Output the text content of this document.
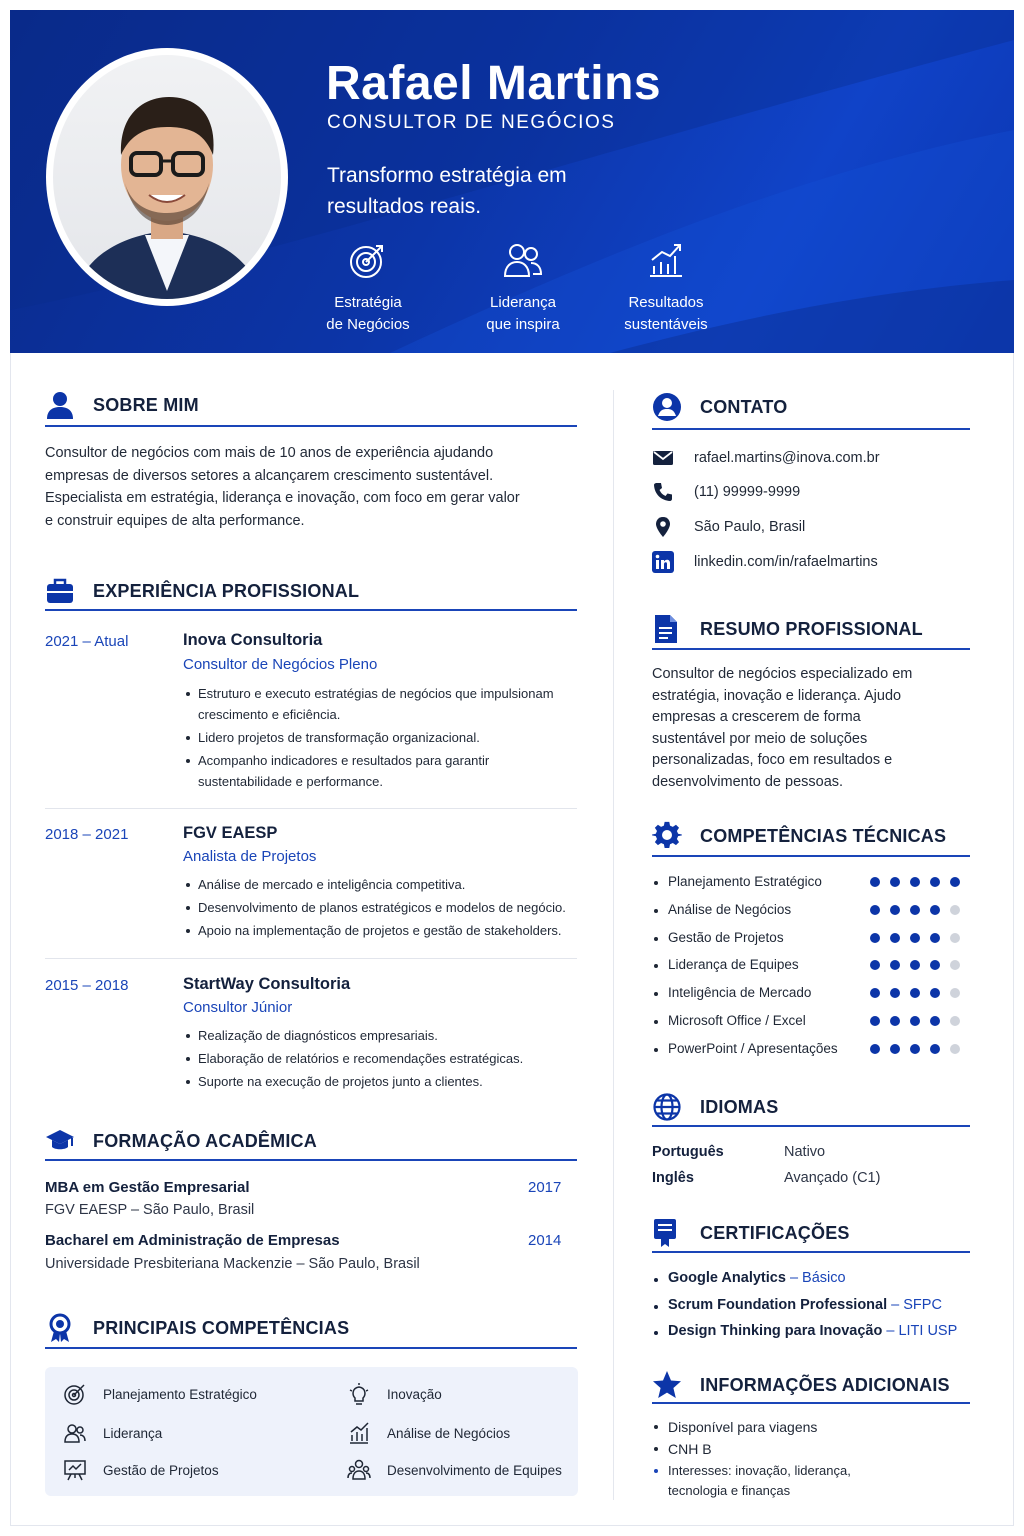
Rafael Martins
CONSULTOR DE NEGÓCIOS
Transformo estratégia em resultados reais.
Estratégia
de Negócios
Liderança
que inspira
Resultados
sustentáveis
SOBRE MIM
Consultor de negócios com mais de 10 anos de experiência ajudando
empresas de diversos setores a alcançarem crescimento sustentável.
Especialista em estratégia, liderança e inovação, com foco em gerar valor
e construir equipes de alta performance.
EXPERIÊNCIA PROFISSIONAL
2021 – Atual	Inova Consultoria
Consultor de Negócios Pleno
Estruturo e executo estratégias de negócios que impulsionam crescimento e eficiência.
Lidero projetos de transformação organizacional.
Acompanho indicadores e resultados para garantir sustentabilidade e performance.
2018 – 2021	FGV EAESP
Analista de Projetos
Análise de mercado e inteligência competitiva.
Desenvolvimento de planos estratégicos e modelos de negócio.
Apoio na implementação de projetos e gestão de stakeholders.
2015 – 2018	StartWay Consultoria
Consultor Júnior
Realização de diagnósticos empresariais.
Elaboração de relatórios e recomendações estratégicas.
Suporte na execução de projetos junto a clientes.
FORMAÇÃO ACADÊMICA
MBA em Gestão Empresarial	2017
FGV EAESP – São Paulo, Brasil
Bacharel em Administração de Empresas	2014
Universidade Presbiteriana Mackenzie – São Paulo, Brasil
PRINCIPAIS COMPETÊNCIAS
Planejamento Estratégico	Inovação
Liderança	Análise de Negócios
Gestão de Projetos	Desenvolvimento de Equipes
CONTATO
rafael.martins@inova.com.br
(11) 99999-9999
São Paulo, Brasil
linkedin.com/in/rafaelmartins
RESUMO PROFISSIONAL
Consultor de negócios especializado em
estratégia, inovação e liderança. Ajudo
empresas a crescerem de forma
sustentável por meio de soluções
personalizadas, foco em resultados e
desenvolvimento de pessoas.
COMPETÊNCIAS TÉCNICAS
Planejamento Estratégico
Análise de Negócios
Gestão de Projetos
Liderança de Equipes
Inteligência de Mercado
Microsoft Office / Excel
PowerPoint / Apresentações
IDIOMAS
Português	Nativo
Inglês	Avançado (C1)
CERTIFICAÇÕES
Google Analytics – Básico
Scrum Foundation Professional – SFPC
Design Thinking para Inovação – LITI USP
INFORMAÇÕES ADICIONAIS
Disponível para viagens
CNH B
Interesses: inovação, liderança,
tecnologia e finanças
